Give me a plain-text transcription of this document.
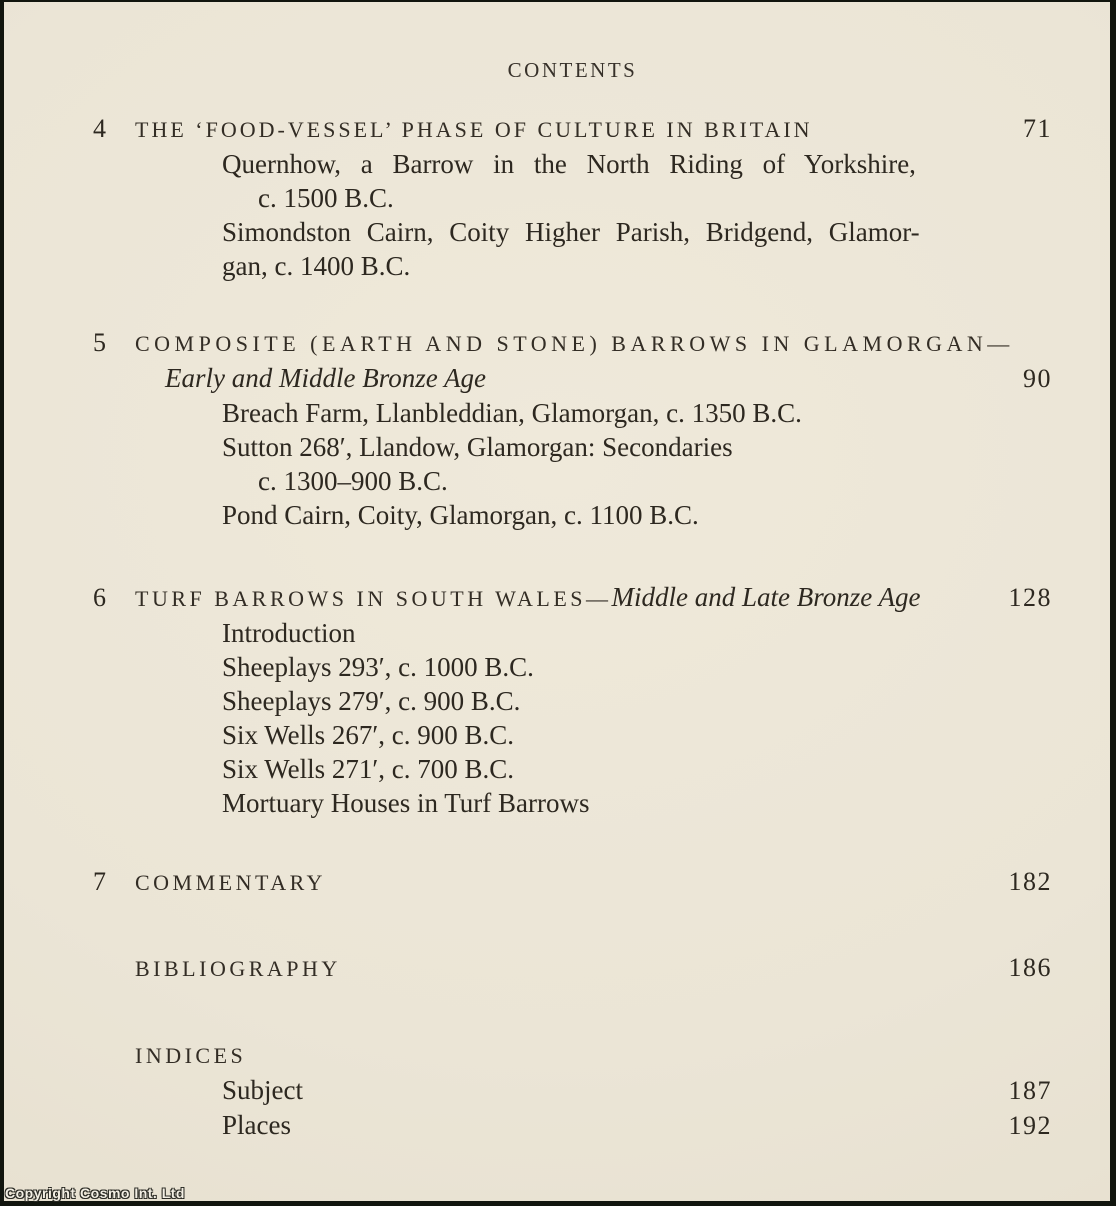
CONTENTS
4	THE ‘FOOD-VESSEL’ PHASE OF CULTURE IN BRITAIN	71
Quernhow, a Barrow in the North Riding of Yorkshire,
c. 1500 B.C.
Simondston Cairn, Coity Higher Parish, Bridgend, Glamor-
gan, c. 1400 B.C.
5	COMPOSITE (EARTH AND STONE) BARROWS IN GLAMORGAN—
Early and Middle Bronze Age	90
Breach Farm, Llanbleddian, Glamorgan, c. 1350 B.C.
Sutton 268′, Llandow, Glamorgan: Secondaries
c. 1300–900 B.C.
Pond Cairn, Coity, Glamorgan, c. 1100 B.C.
6	TURF BARROWS IN SOUTH WALES— Middle and Late Bronze Age	128
Introduction
Sheeplays 293′, c. 1000 B.C.
Sheeplays 279′, c. 900 B.C.
Six Wells 267′, c. 900 B.C.
Six Wells 271′, c. 700 B.C.
Mortuary Houses in Turf Barrows
7	COMMENTARY	182
BIBLIOGRAPHY	186
INDICES
Subject	187
Places	192
Copyright Cosmo Int. Ltd
